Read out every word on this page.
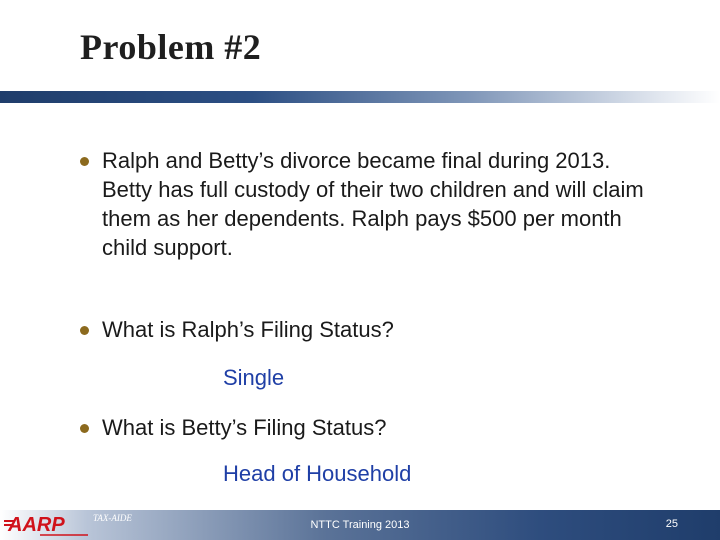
Problem #2
Ralph and Betty’s divorce became final during 2013. Betty has full custody of their two children and will claim them as her dependents. Ralph pays $500 per month child support.
What is Ralph’s Filing Status?
Single
What is Betty’s Filing Status?
Head of Household
AARP	TAX-AIDE
NTTC Training 2013	25
